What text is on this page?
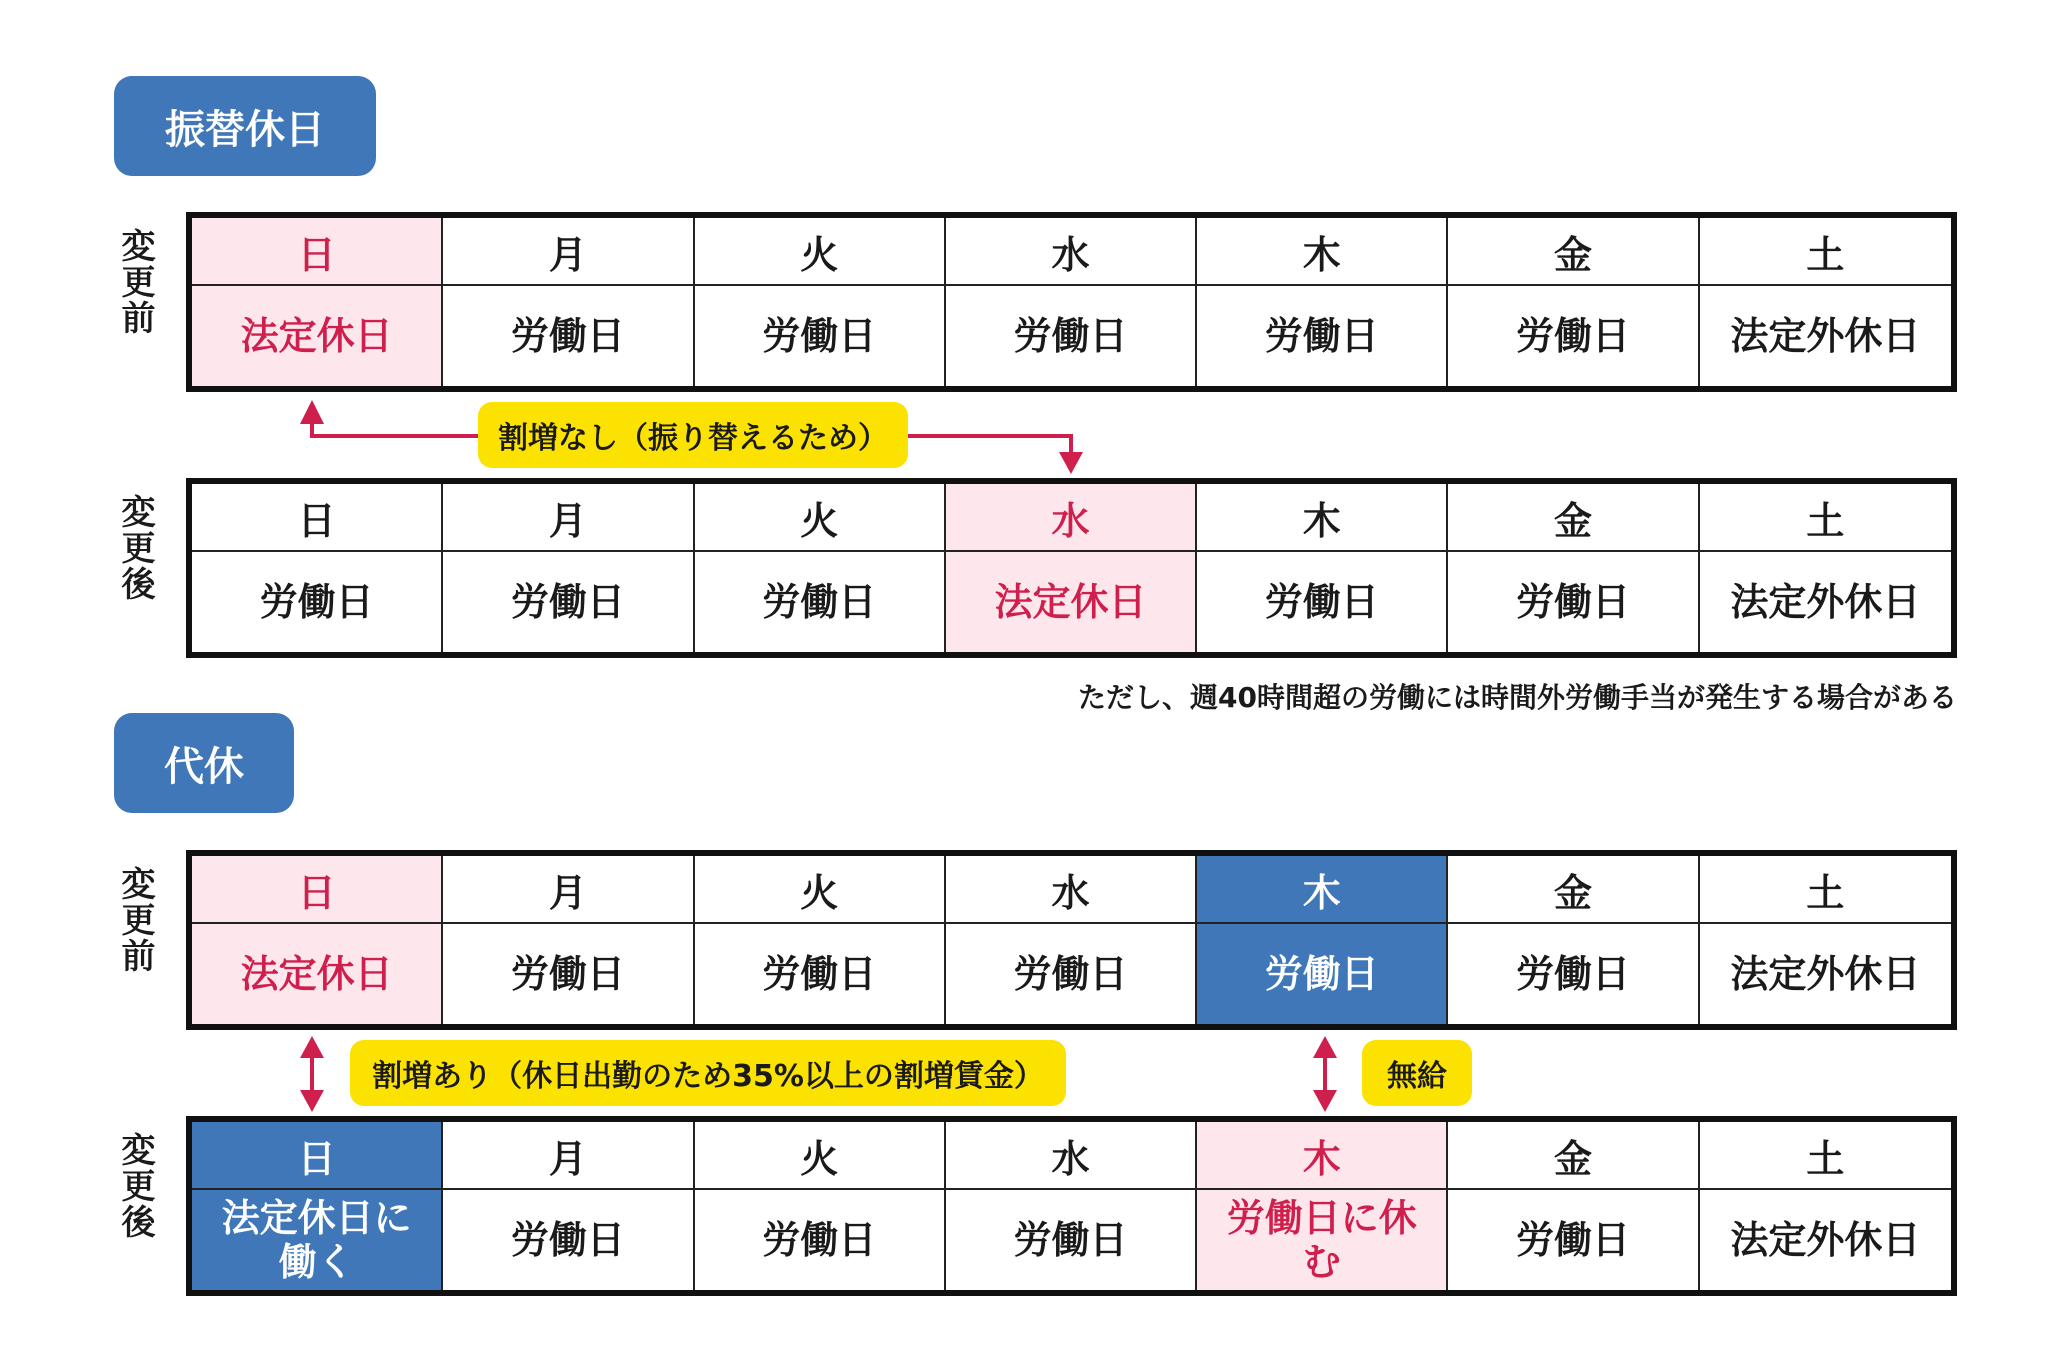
振替休日
変更前	日	月	火	水	木	金	土
法定休日	労働日	労働日	労働日	労働日	労働日	法定外休日
変更後	日	月	火	水	木	金	土
労働日	労働日	労働日	法定休日	労働日	労働日	法定外休日
割増なし（振り替えるため）
ただし、週40時間超の労働には時間外労働手当が発生する場合がある
代休
変更前	日	月	火	水	木	金	土
法定休日	労働日	労働日	労働日	労働日	労働日	法定外休日
変更後	日	月	火	水	木	金	土
法定休日に働く	労働日	労働日	労働日	労働日に休む	労働日	法定外休日
割増あり（休日出勤のため35%以上の割増賃金）	無給
